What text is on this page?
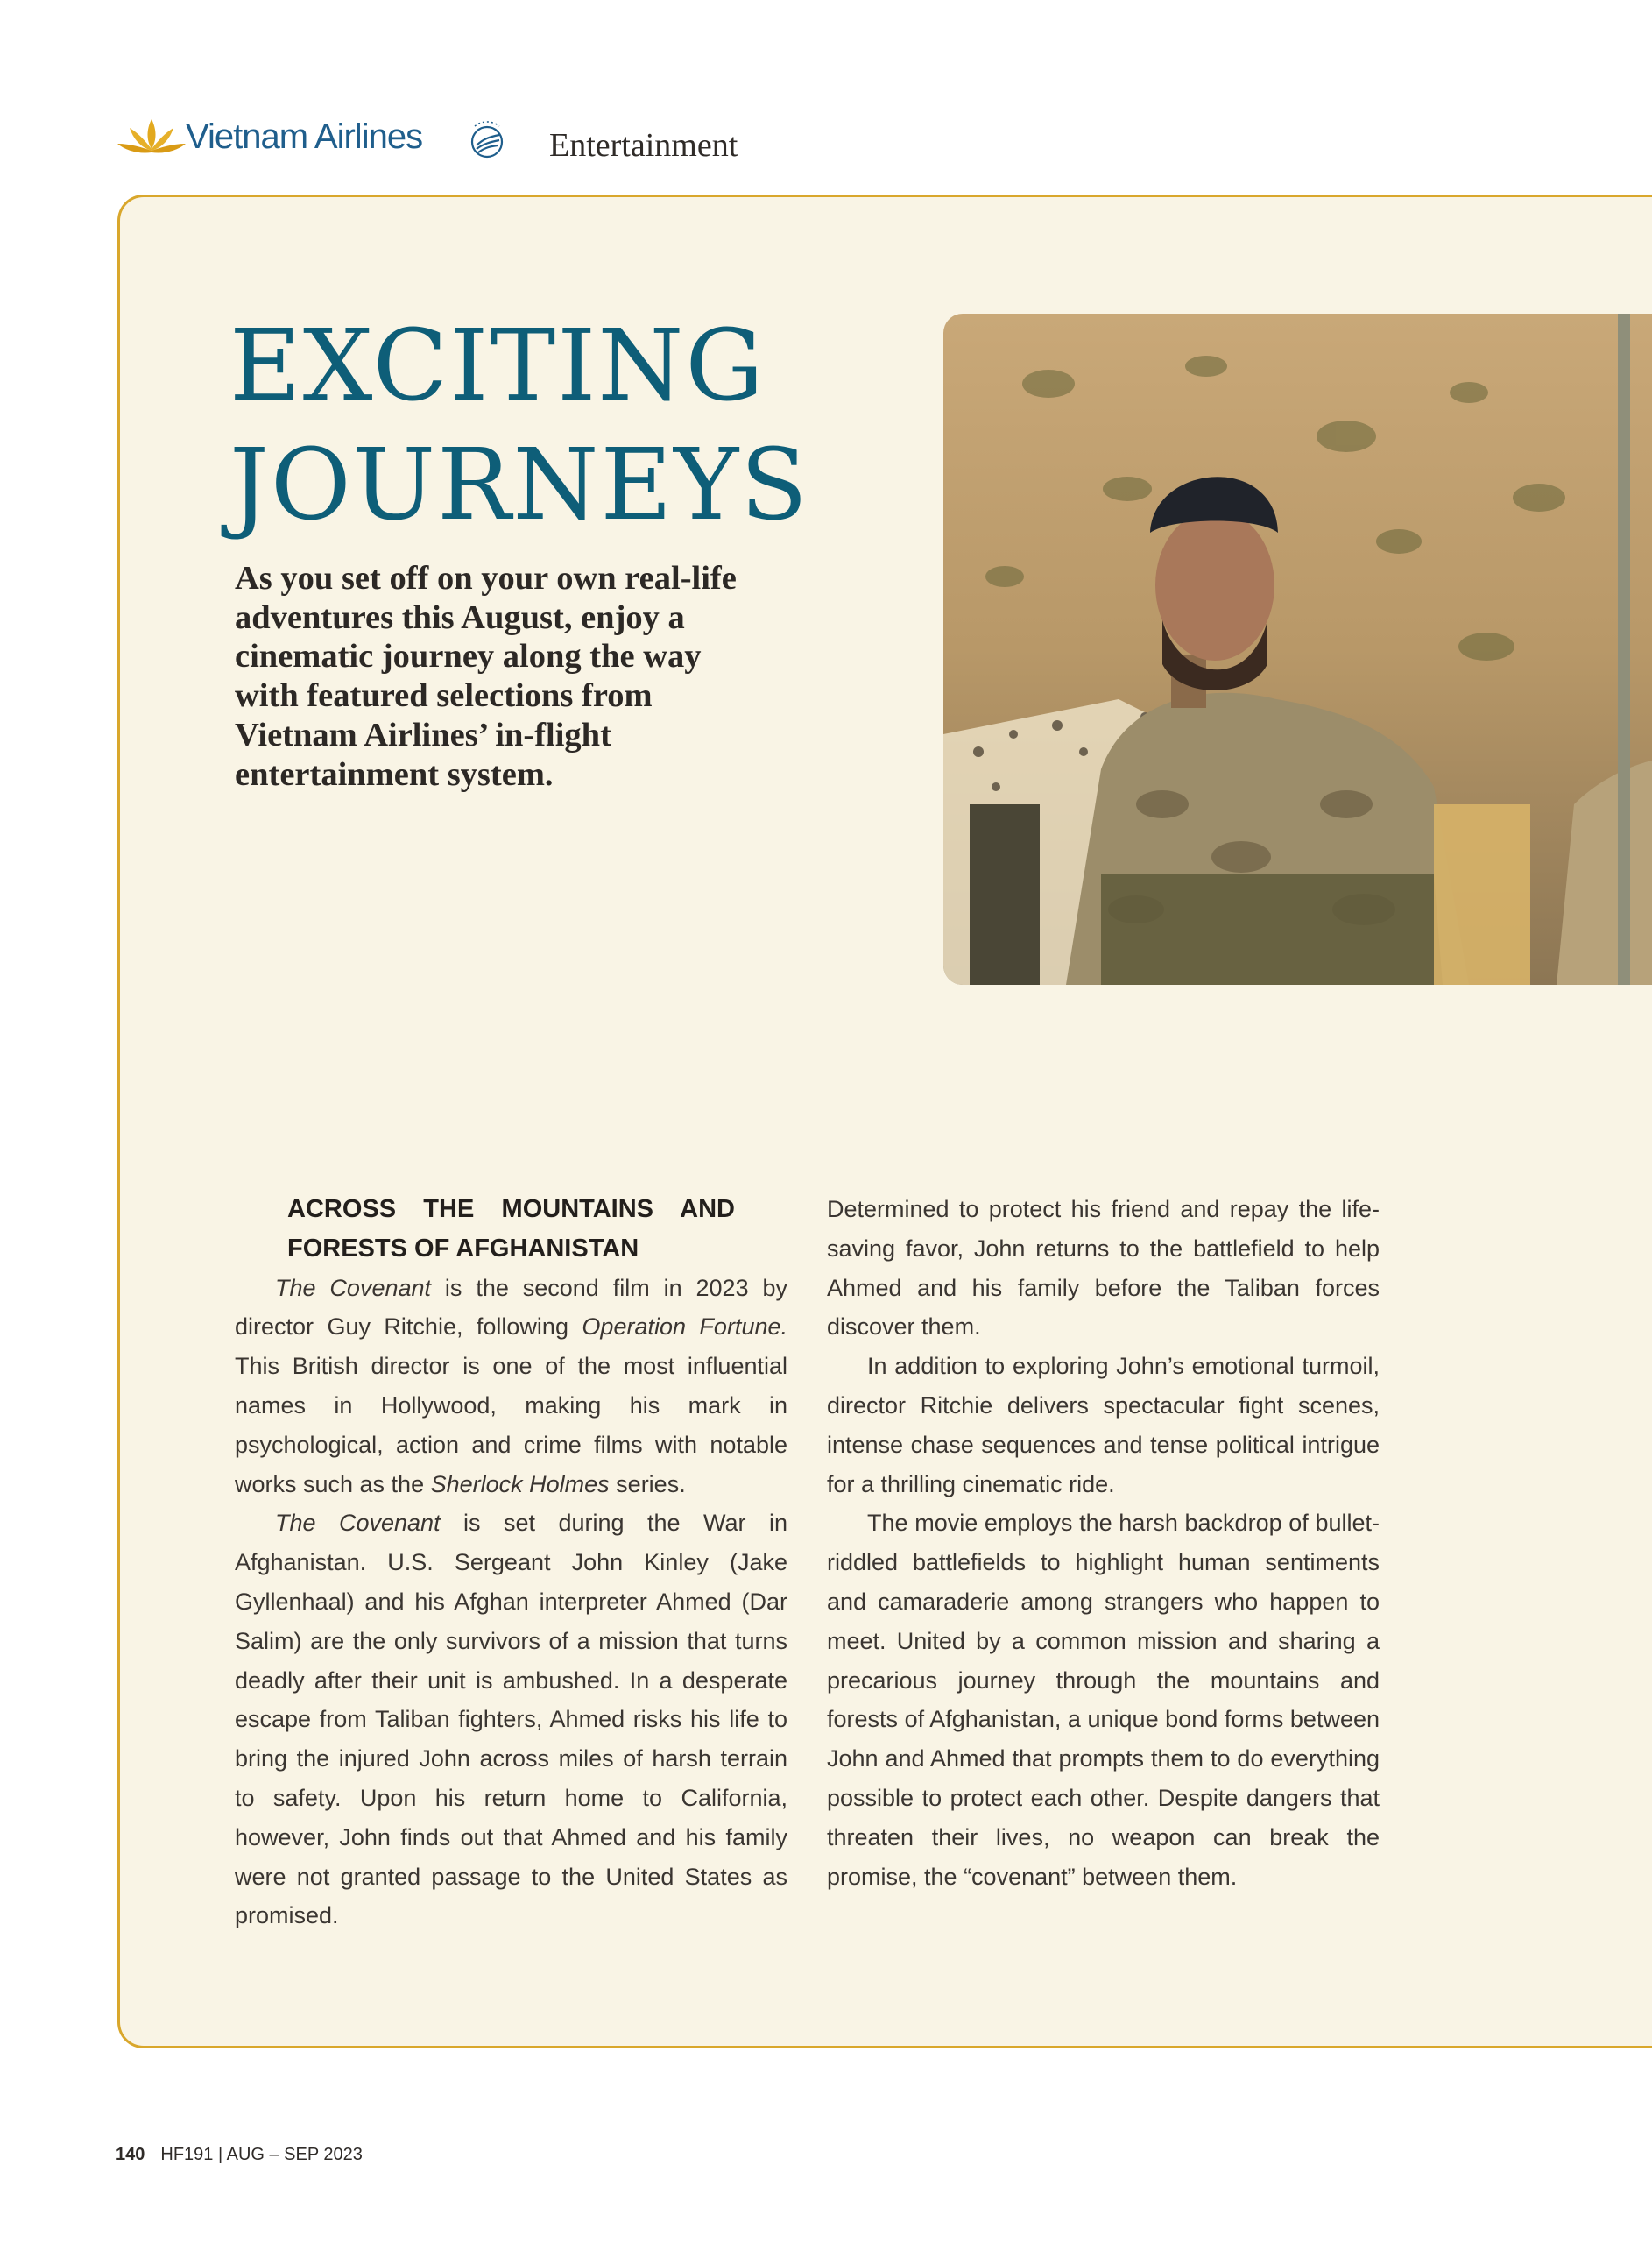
Vietnam Airlines	Entertainment
EXCITING
JOURNEYS

As you set off on your own real-life adventures this August, enjoy a cinematic journey along the way with featured selections from Vietnam Airlines’ in-flight entertainment system.

ACROSS THE MOUNTAINS AND FORESTS OF AFGHANISTAN

The Covenant is the second film in 2023 by director Guy Ritchie, following Operation Fortune. This British director is one of the most influential names in Hollywood, making his mark in psychological, action and crime films with notable works such as the Sherlock Holmes series.

The Covenant is set during the War in Afghanistan. U.S. Sergeant John Kinley (Jake Gyllenhaal) and his Afghan interpreter Ahmed (Dar Salim) are the only survivors of a mission that turns deadly after their unit is ambushed. In a desperate escape from Taliban fighters, Ahmed risks his life to bring the injured John across miles of harsh terrain to safety. Upon his return home to California, however, John finds out that Ahmed and his family were not granted passage to the United States as promised.

Determined to protect his friend and repay the life-saving favor, John returns to the battlefield to help Ahmed and his family before the Taliban forces discover them.

In addition to exploring John’s emotional turmoil, director Ritchie delivers spectacular fight scenes, intense chase sequences and tense political intrigue for a thrilling cinematic ride.

The movie employs the harsh backdrop of bullet-riddled battlefields to highlight human sentiments and camaraderie among strangers who happen to meet. United by a common mission and sharing a precarious journey through the mountains and forests of Afghanistan, a unique bond forms between John and Ahmed that prompts them to do everything possible to protect each other. Despite dangers that threaten their lives, no weapon can break the promise, the “covenant” between them.

140 HF191 | AUG – SEP 2023
